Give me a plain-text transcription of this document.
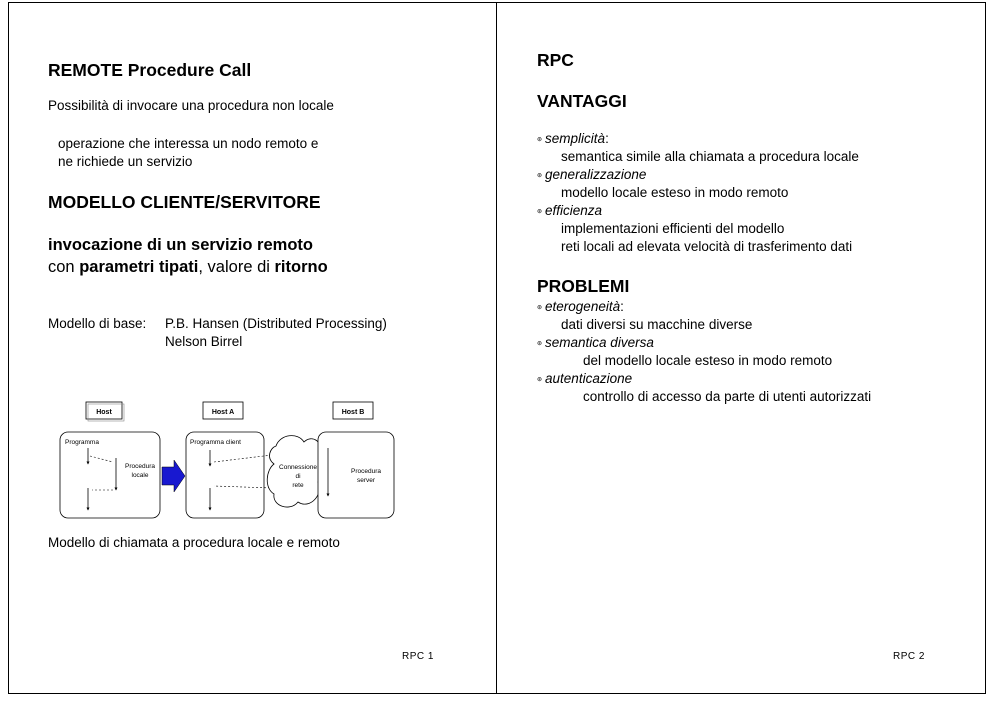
REMOTE Procedure Call
Possibilità di invocare una procedura non locale
operazione che interessa un nodo remoto e
ne richiede un servizio
MODELLO CLIENTE/SERVITORE
invocazione di un servizio remoto
con parametri tipati, valore di ritorno
Modello di base: P.B. Hansen (Distributed Processing)
Nelson Birrel
Host	Host A	Host B
Programma
Procedura
locale
Programma client
Connessione
di
rete
Procedura
server
Modello di chiamata a procedura locale e remoto
RPC 1
RPC
VANTAGGI
⊛ semplicità:
semantica simile alla chiamata a procedura locale
⊛ generalizzazione
modello locale esteso in modo remoto
⊛ efficienza
implementazioni efficienti del modello
reti locali ad elevata velocità di trasferimento dati
PROBLEMI
⊛ eterogeneità:
dati diversi su macchine diverse
⊛ semantica diversa
del modello locale esteso in modo remoto
⊛ autenticazione
controllo di accesso da parte di utenti autorizzati
RPC 2
